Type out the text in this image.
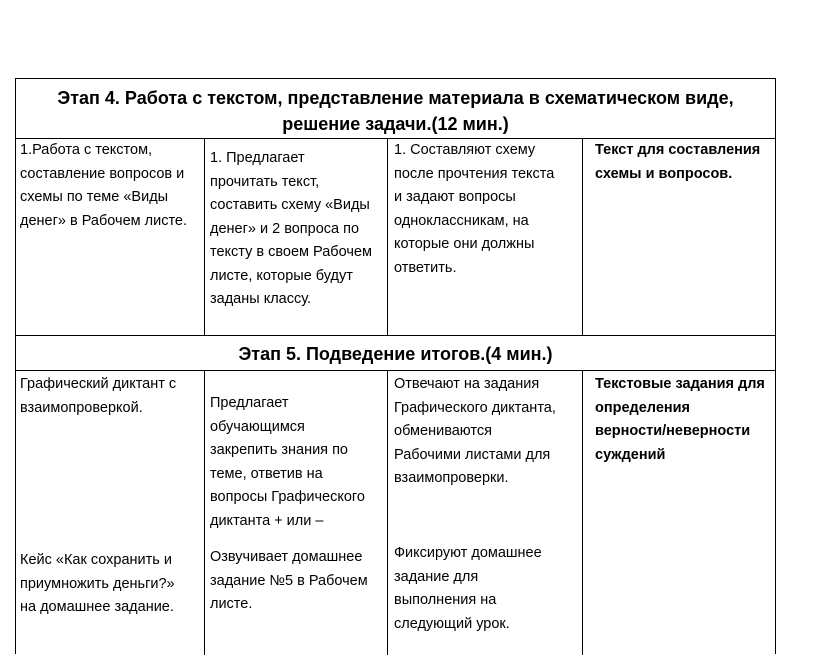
Этап 4. Работа с текстом, представление материала в схематическом виде,
решение задачи.(12 мин.)
1.Работа с текстом,
составление вопросов и
схемы по теме «Виды
денег» в Рабочем листе.
1. Предлагает
прочитать текст,
составить схему «Виды
денег» и 2 вопроса по
тексту в своем Рабочем
листе, которые будут
заданы классу.
1. Составляют схему
после прочтения текста
и задают вопросы
одноклассникам, на
которые они должны
ответить.
Текст для составления
схемы и вопросов.
Этап 5. Подведение итогов.(4 мин.)
Графический диктант с
взаимопроверкой.
Кейс «Как сохранить и
приумножить деньги?»
на домашнее задание.
Предлагает
обучающимся
закрепить знания по
теме, ответив на
вопросы Графического
диктанта + или –
Озвучивает домашнее
задание №5 в Рабочем
листе.
Отвечают на задания
Графического диктанта,
обмениваются
Рабочими листами для
взаимопроверки.
Фиксируют домашнее
задание для
выполнения на
следующий урок.
Текстовые задания для
определения
верности/неверности
суждений
